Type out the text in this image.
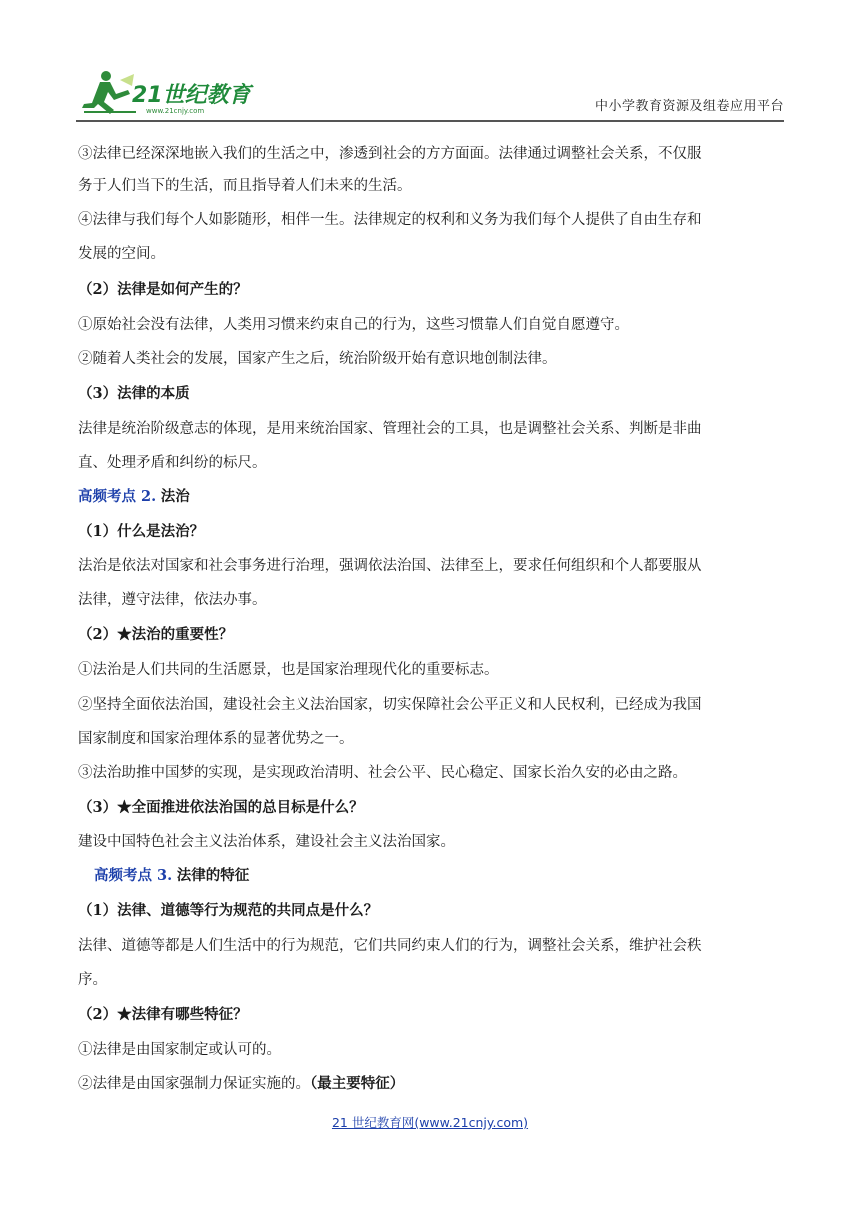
21世纪教育
www.21cnjy.com	中小学教育资源及组卷应用平台
③法律已经深深地嵌入我们的生活之中，渗透到社会的方方面面。法律通过调整社会关系，不仅服
务于人们当下的生活，而且指导着人们未来的生活。
④法律与我们每个人如影随形，相伴一生。法律规定的权利和义务为我们每个人提供了自由生存和
发展的空间。
（2）法律是如何产生的？
①原始社会没有法律，人类用习惯来约束自己的行为，这些习惯靠人们自觉自愿遵守。
②随着人类社会的发展，国家产生之后，统治阶级开始有意识地创制法律。
（3）法律的本质
法律是统治阶级意志的体现，是用来统治国家、管理社会的工具，也是调整社会关系、判断是非曲
直、处理矛盾和纠纷的标尺。
高频考点 2. 法治
（1）什么是法治？
法治是依法对国家和社会事务进行治理，强调依法治国、法律至上，要求任何组织和个人都要服从
法律，遵守法律，依法办事。
（2）★法治的重要性？
①法治是人们共同的生活愿景，也是国家治理现代化的重要标志。
②坚持全面依法治国，建设社会主义法治国家，切实保障社会公平正义和人民权利，已经成为我国
国家制度和国家治理体系的显著优势之一。
③法治助推中国梦的实现，是实现政治清明、社会公平、民心稳定、国家长治久安的必由之路。
（3）★全面推进依法治国的总目标是什么？
建设中国特色社会主义法治体系，建设社会主义法治国家。
高频考点 3. 法律的特征
（1）法律、道德等行为规范的共同点是什么？
法律、道德等都是人们生活中的行为规范，它们共同约束人们的行为，调整社会关系，维护社会秩
序。
（2）★法律有哪些特征？
①法律是由国家制定或认可的。
②法律是由国家强制力保证实施的。（最主要特征）
21 世纪教育网(www.21cnjy.com)
